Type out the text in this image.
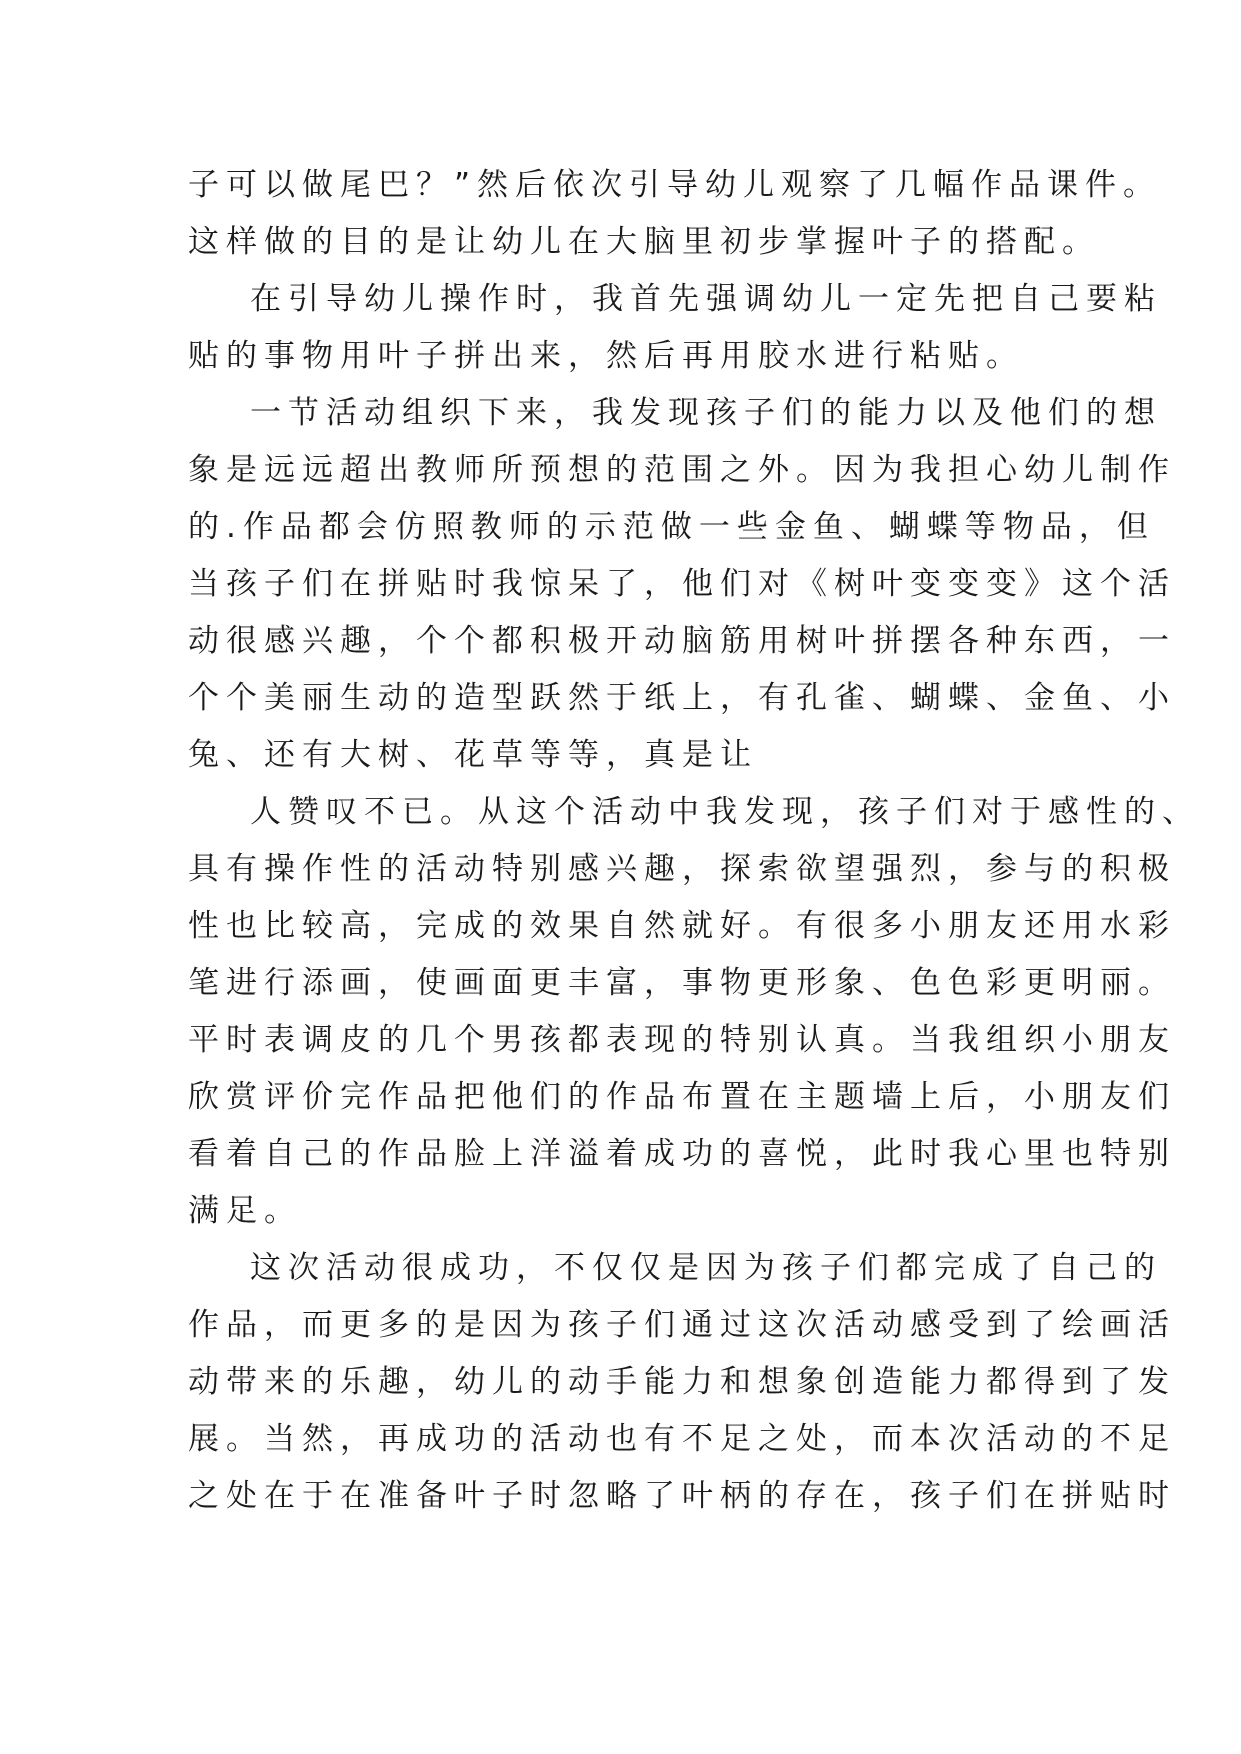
子可以做尾巴？”然后依次引导幼儿观察了几幅作品课件。
这样做的目的是让幼儿在大脑里初步掌握叶子的搭配。

在引导幼儿操作时，我首先强调幼儿一定先把自己要粘
贴的事物用叶子拼出来，然后再用胶水进行粘贴。

一节活动组织下来，我发现孩子们的能力以及他们的想
象是远远超出教师所预想的范围之外。因为我担心幼儿制作
的.作品都会仿照教师的示范做一些金鱼、蝴蝶等物品，但
当孩子们在拼贴时我惊呆了，他们对《树叶变变变》这个活
动很感兴趣，个个都积极开动脑筋用树叶拼摆各种东西，一
个个美丽生动的造型跃然于纸上，有孔雀、蝴蝶、金鱼、小
兔、还有大树、花草等等，真是让

人赞叹不已。从这个活动中我发现，孩子们对于感性的、
具有操作性的活动特别感兴趣，探索欲望强烈，参与的积极
性也比较高，完成的效果自然就好。有很多小朋友还用水彩
笔进行添画，使画面更丰富，事物更形象、色色彩更明丽。
平时表调皮的几个男孩都表现的特别认真。当我组织小朋友
欣赏评价完作品把他们的作品布置在主题墙上后，小朋友们
看着自己的作品脸上洋溢着成功的喜悦，此时我心里也特别
满足。

这次活动很成功，不仅仅是因为孩子们都完成了自己的
作品，而更多的是因为孩子们通过这次活动感受到了绘画活
动带来的乐趣，幼儿的动手能力和想象创造能力都得到了发
展。当然，再成功的活动也有不足之处，而本次活动的不足
之处在于在准备叶子时忽略了叶柄的存在，孩子们在拼贴时
